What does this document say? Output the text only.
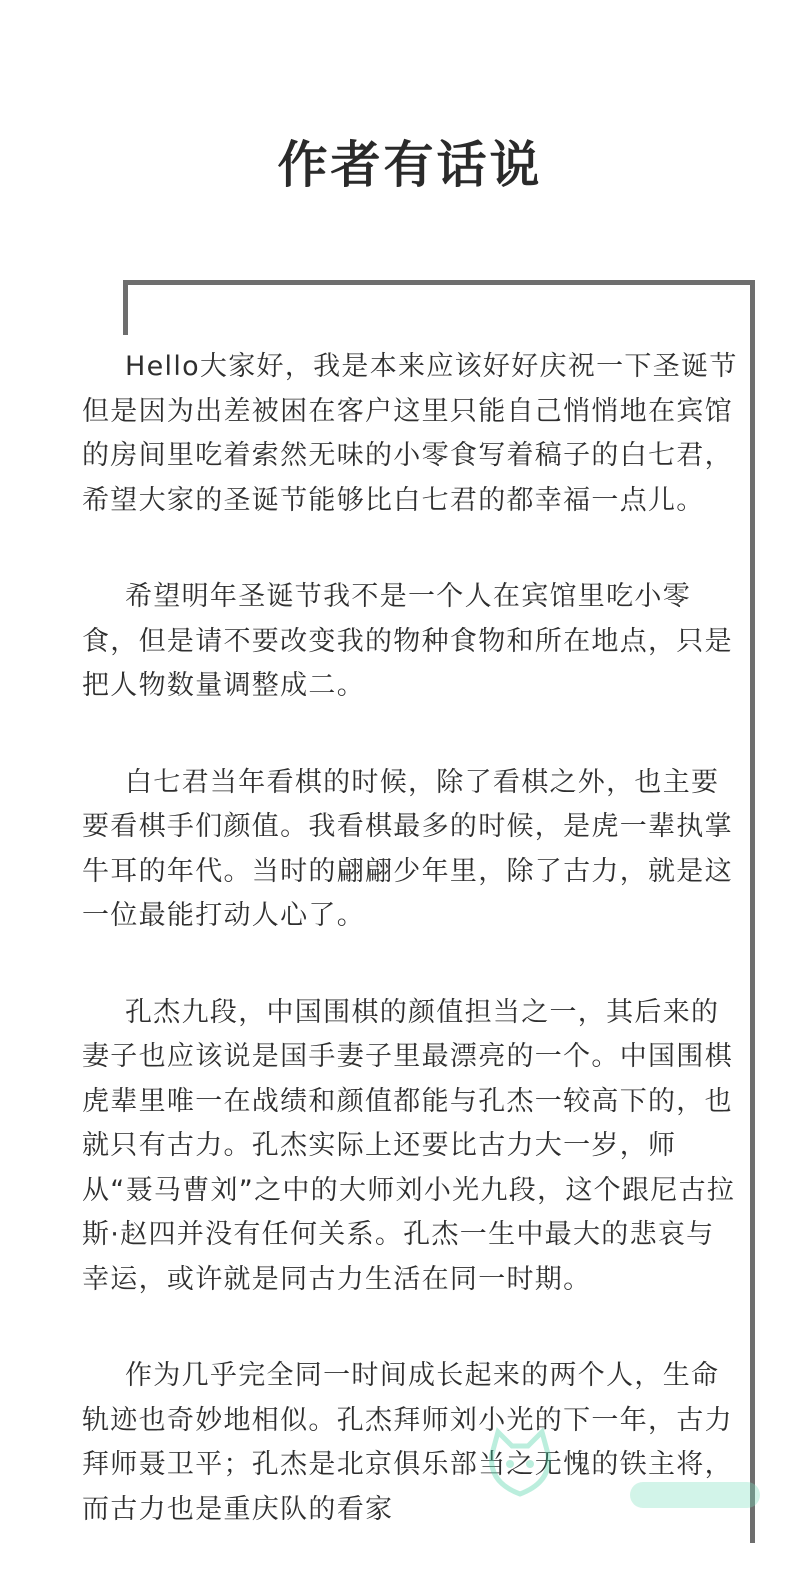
作者有话说

Hello大家好，我是本来应该好好庆祝一下圣诞节但是因为出差被困在客户这里只能自己悄悄地在宾馆的房间里吃着索然无味的小零食写着稿子的白七君，希望大家的圣诞节能够比白七君的都幸福一点儿。

希望明年圣诞节我不是一个人在宾馆里吃小零食，但是请不要改变我的物种食物和所在地点，只是把人物数量调整成二。

白七君当年看棋的时候，除了看棋之外，也主要要看棋手们颜值。我看棋最多的时候，是虎一辈执掌牛耳的年代。当时的翩翩少年里，除了古力，就是这一位最能打动人心了。

孔杰九段，中国围棋的颜值担当之一，其后来的妻子也应该说是国手妻子里最漂亮的一个。中国围棋虎辈里唯一在战绩和颜值都能与孔杰一较高下的，也就只有古力。孔杰实际上还要比古力大一岁，师从“聂马曹刘”之中的大师刘小光九段，这个跟尼古拉斯·赵四并没有任何关系。孔杰一生中最大的悲哀与幸运，或许就是同古力生活在同一时期。

作为几乎完全同一时间成长起来的两个人，生命轨迹也奇妙地相似。孔杰拜师刘小光的下一年，古力拜师聂卫平；孔杰是北京俱乐部当之无愧的铁主将，而古力也是重庆队的看家
